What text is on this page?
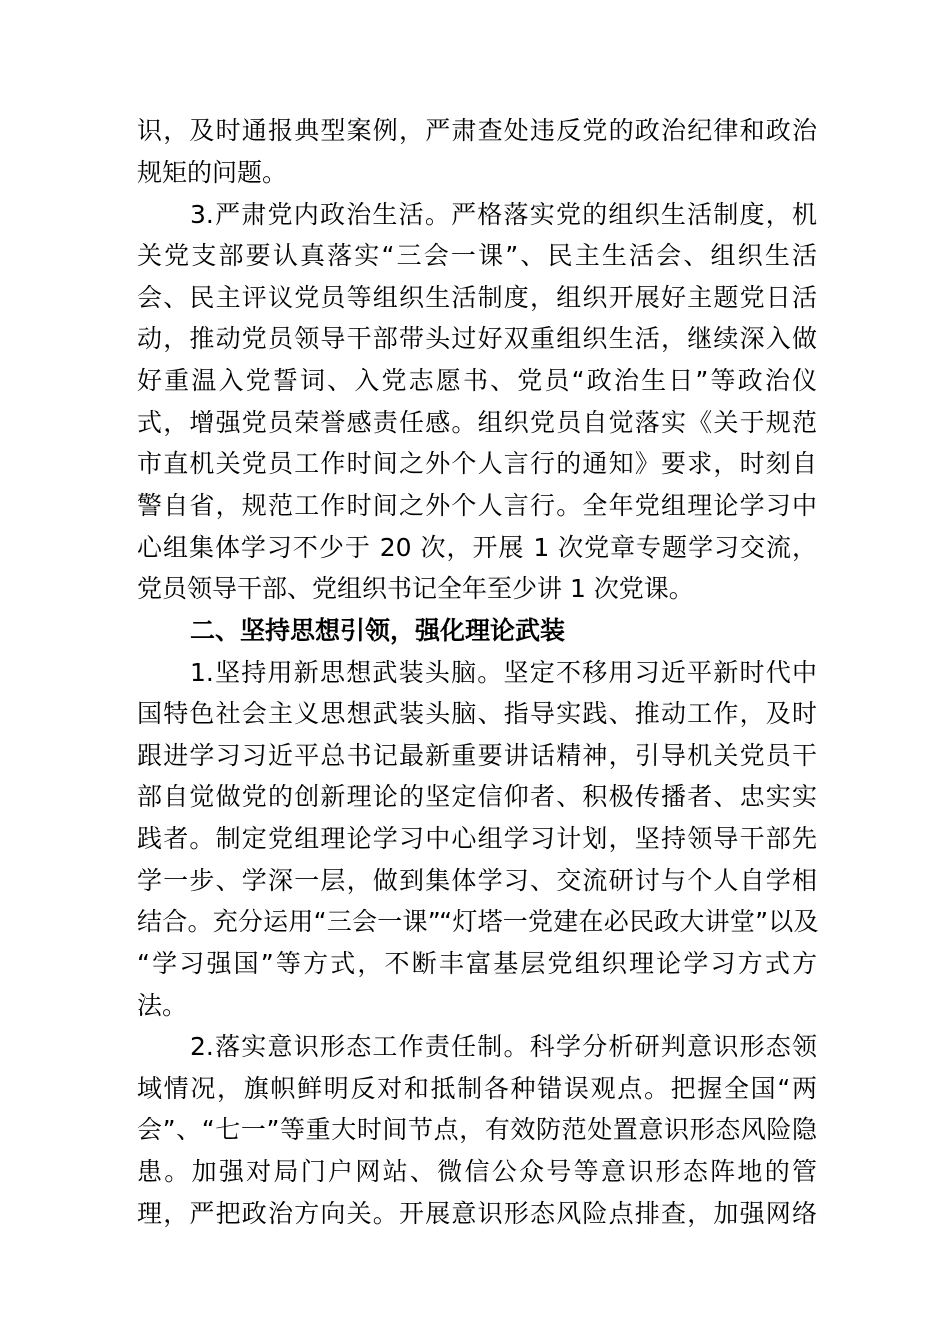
识，及时通报典型案例，严肃查处违反党的政治纪律和政治
规矩的问题。
3.严肃党内政治生活。严格落实党的组织生活制度，机
关党支部要认真落实“三会一课”、民主生活会、组织生活
会、民主评议党员等组织生活制度，组织开展好主题党日活
动，推动党员领导干部带头过好双重组织生活，继续深入做
好重温入党誓词、入党志愿书、党员“政治生日”等政治仪
式，增强党员荣誉感责任感。组织党员自觉落实《关于规范
市直机关党员工作时间之外个人言行的通知》要求，时刻自
警自省，规范工作时间之外个人言行。全年党组理论学习中
心组集体学习不少于 20 次，开展 1 次党章专题学习交流，
党员领导干部、党组织书记全年至少讲 1 次党课。
二、坚持思想引领，强化理论武装
1.坚持用新思想武装头脑。坚定不移用习近平新时代中
国特色社会主义思想武装头脑、指导实践、推动工作，及时
跟进学习习近平总书记最新重要讲话精神，引导机关党员干
部自觉做党的创新理论的坚定信仰者、积极传播者、忠实实
践者。制定党组理论学习中心组学习计划，坚持领导干部先
学一步、学深一层，做到集体学习、交流研讨与个人自学相
结合。充分运用“三会一课”“灯塔一党建在必民政大讲堂”以及
“学习强国”等方式，不断丰富基层党组织理论学习方式方
法。
2.落实意识形态工作责任制。科学分析研判意识形态领
域情况，旗帜鲜明反对和抵制各种错误观点。把握全国“两
会”、“七一”等重大时间节点，有效防范处置意识形态风险隐
患。加强对局门户网站、微信公众号等意识形态阵地的管
理，严把政治方向关。开展意识形态风险点排查，加强网络
